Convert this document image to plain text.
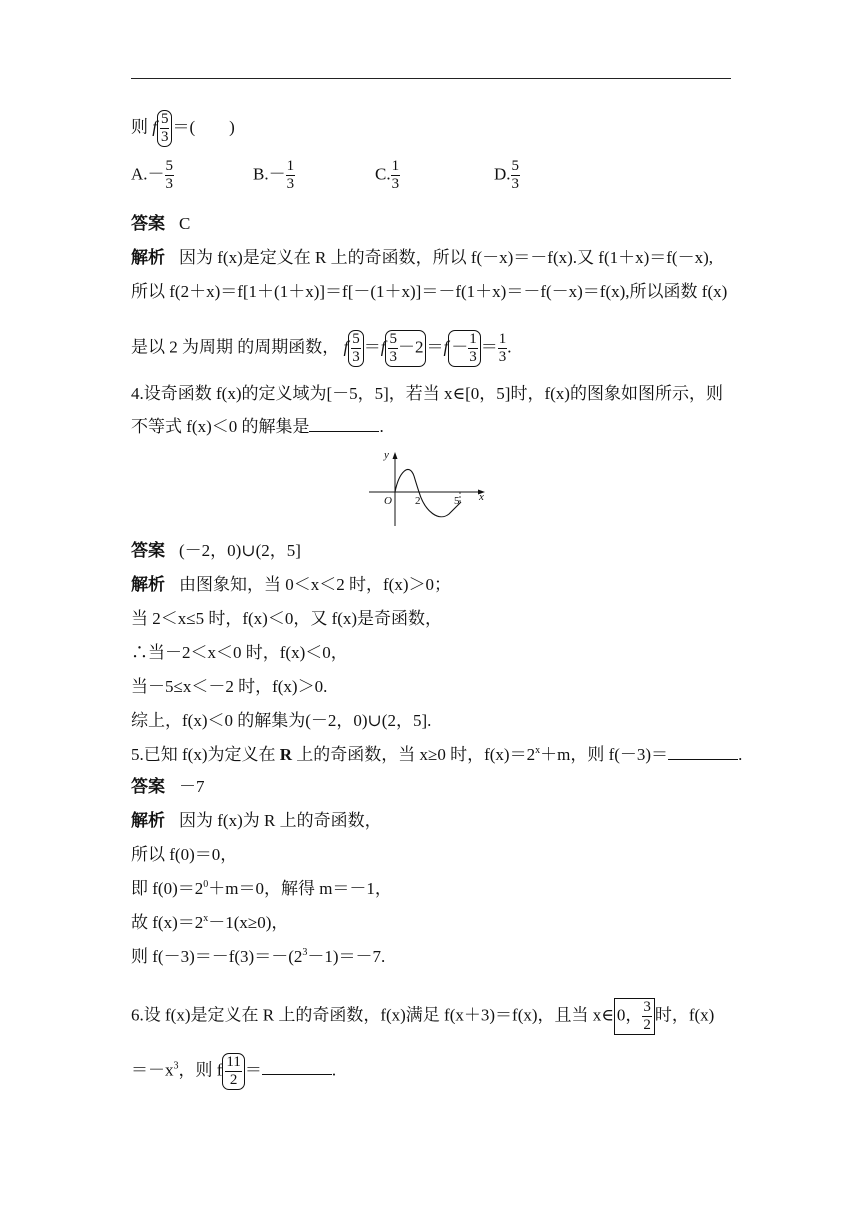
则 f $\frac{5}{3}$ ＝(　　)
$A.- \frac{5}{3}$	$B.- \frac{1}{3}$	C. $\frac{1}{3}$	D. $\frac{5}{3}$
答案 C
解析 因为 f(x)是定义在 R 上的奇函数，所以 f(－x)＝－f(x).又 f(1＋x)＝f(－x),
所以 f(2＋x)＝f[1＋(1＋x)]＝f[－(1＋x)]＝－f(1＋x)＝－f(－x)＝f(x),所以函数 f(x)
是以 2 为周期 的周期函数， f $\frac{5}{3} =f \frac{5}{3} -2 =f - \frac{1}{3} = \frac{1}{3}$ .
4.设奇函数 f(x)的定义域为[－5，5]，若当 x∈[0，5]时，f(x)的图象如图所示，则
不等式 f(x)＜0 的解集是	.
y
x
O 2	5
答案 (－2，0)∪(2，5]
解析 由图象知，当 0＜x＜2 时，f(x)＞0；
当 2＜x≤5 时，f(x)＜0，又 f(x)是奇函数，
∴当－2＜x＜0 时，f(x)＜0，
当－5≤x＜－2 时，f(x)＞0.
综上，f(x)＜0 的解集为(－2，0)∪(2，5].
5.已知 f(x)为定义在 R 上的奇函数，当 x≥0 时，$f(x)=2^x+m$，则 f(－3)＝	.
答案 －7
解析 因为 f(x)为 R 上的奇函数，
所以 f(0)＝0，
即 $f(0)=2^0+m=0$，解得 m＝－1，
故 $f(x)=2^x-1(x\ge 0)$，
则 $f(-3)=-f(3)=-(2^3-1)=-7$.
6.设 f(x)是定义在 R 上的奇函数，f(x)满足 f(x＋3)＝f(x)，且当 x∈ 0， $\frac{3}{2}$ 时，f(x)
$=-x^3$，则 f $\frac{11}{2}$ ＝	.
